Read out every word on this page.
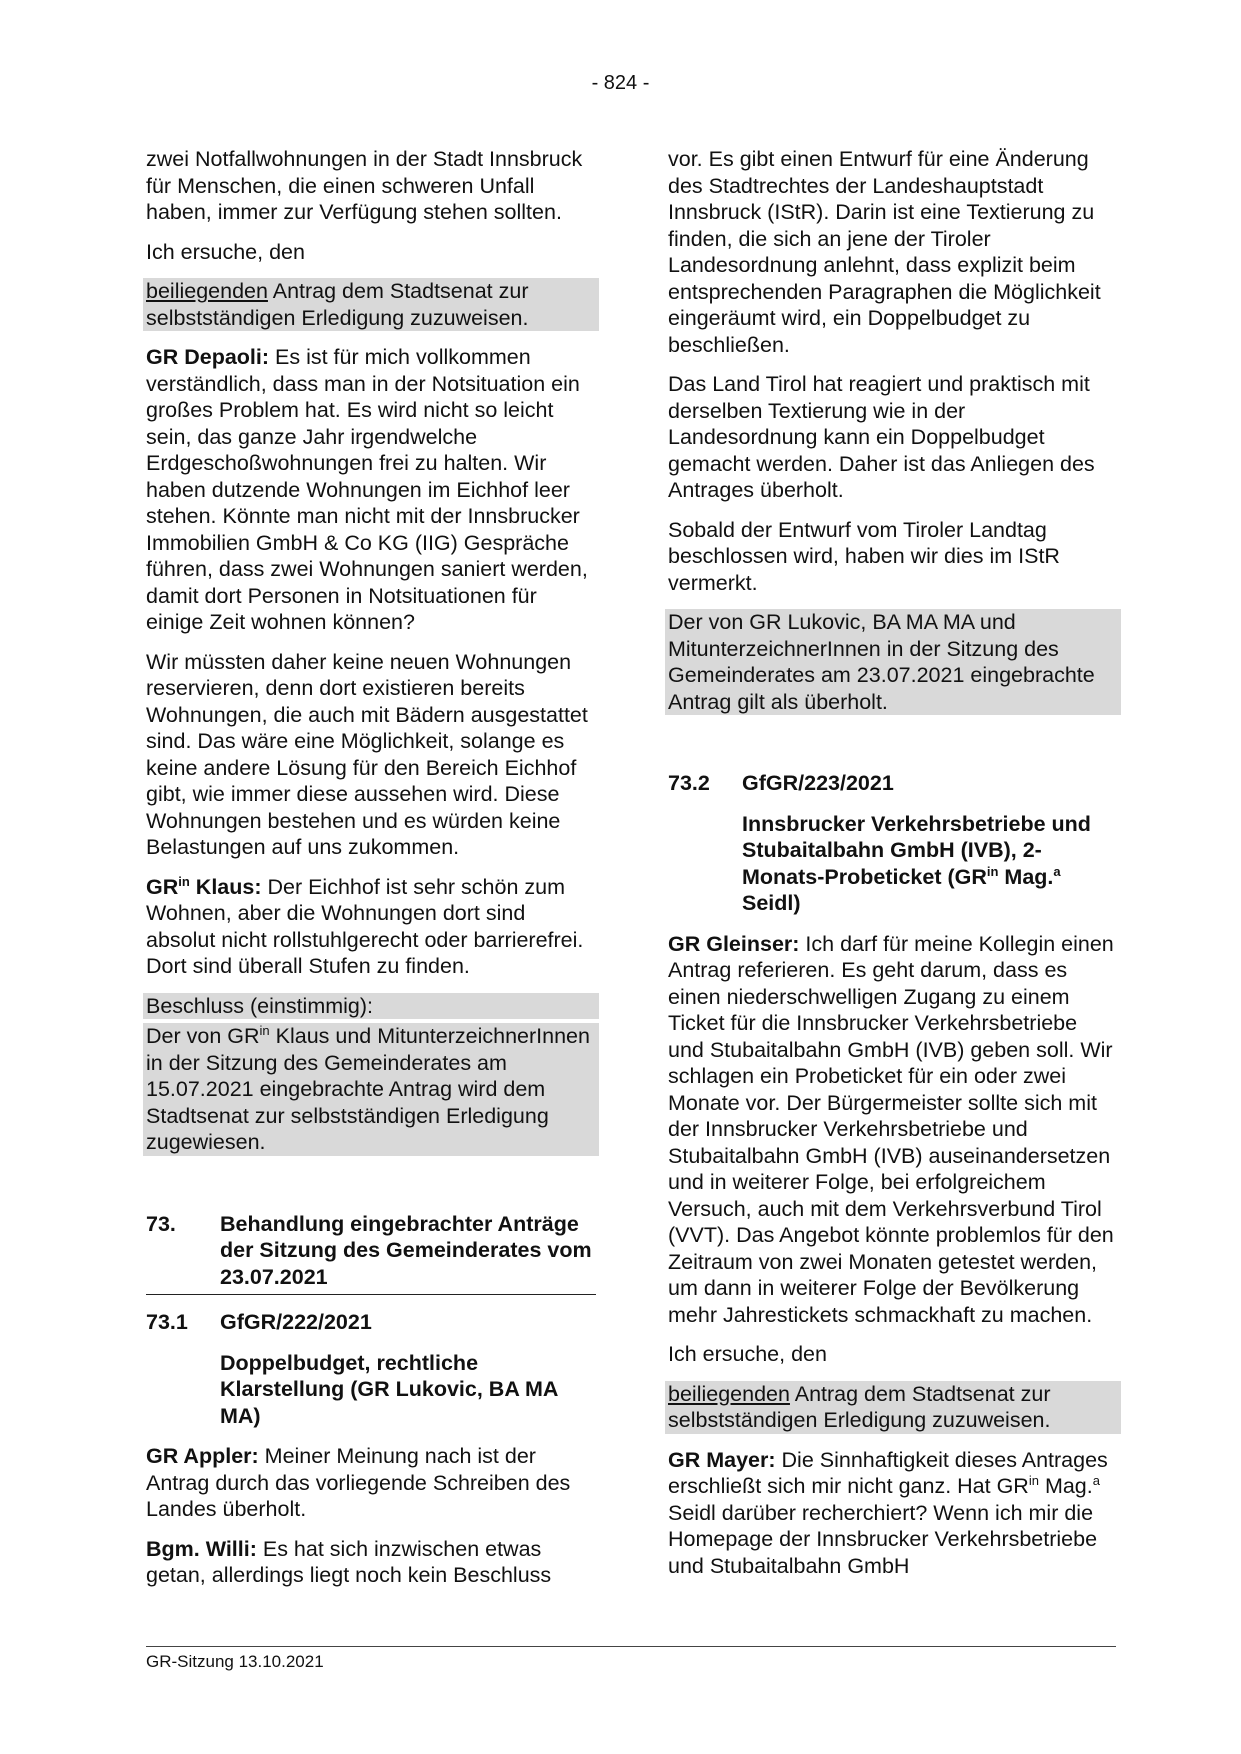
- 824 -

zwei Notfallwohnungen in der Stadt Innsbruck für Menschen, die einen schweren Unfall haben, immer zur Verfügung stehen sollten.

Ich ersuche, den

beiliegenden Antrag dem Stadtsenat zur selbstständigen Erledigung zuzuweisen.

GR Depaoli: Es ist für mich vollkommen verständlich, dass man in der Notsituation ein großes Problem hat. Es wird nicht so leicht sein, das ganze Jahr irgendwelche Erdgeschoßwohnungen frei zu halten. Wir haben dutzende Wohnungen im Eichhof leer stehen. Könnte man nicht mit der Innsbrucker Immobilien GmbH & Co KG (IIG) Gespräche führen, dass zwei Wohnungen saniert werden, damit dort Personen in Notsituationen für einige Zeit wohnen können?

Wir müssten daher keine neuen Wohnungen reservieren, denn dort existieren bereits Wohnungen, die auch mit Bädern ausgestattet sind. Das wäre eine Möglichkeit, solange es keine andere Lösung für den Bereich Eichhof gibt, wie immer diese aussehen wird. Diese Wohnungen bestehen und es würden keine Belastungen auf uns zukommen.

$GR^{in}$ Klaus: Der Eichhof ist sehr schön zum Wohnen, aber die Wohnungen dort sind absolut nicht rollstuhlgerecht oder barrierefrei. Dort sind überall Stufen zu finden.

Beschluss (einstimmig):

Der von $GR^{in}$ Klaus und MitunterzeichnerInnen in der Sitzung des Gemeinderates am 15.07.2021 eingebrachte Antrag wird dem Stadtsenat zur selbstständigen Erledigung zugewiesen.

73. Behandlung eingebrachter Anträge der Sitzung des Gemeinderates vom 23.07.2021
73.1 GfGR/222/2021
Doppelbudget, rechtliche Klarstellung (GR Lukovic, BA MA MA)

GR Appler: Meiner Meinung nach ist der Antrag durch das vorliegende Schreiben des Landes überholt.

Bgm. Willi: Es hat sich inzwischen etwas getan, allerdings liegt noch kein Beschluss

vor. Es gibt einen Entwurf für eine Änderung des Stadtrechtes der Landeshauptstadt Innsbruck (IStR). Darin ist eine Textierung zu finden, die sich an jene der Tiroler Landesordnung anlehnt, dass explizit beim entsprechenden Paragraphen die Möglichkeit eingeräumt wird, ein Doppelbudget zu beschließen.

Das Land Tirol hat reagiert und praktisch mit derselben Textierung wie in der Landesordnung kann ein Doppelbudget gemacht werden. Daher ist das Anliegen des Antrages überholt.

Sobald der Entwurf vom Tiroler Landtag beschlossen wird, haben wir dies im IStR vermerkt.

Der von GR Lukovic, BA MA MA und MitunterzeichnerInnen in der Sitzung des Gemeinderates am 23.07.2021 eingebrachte Antrag gilt als überholt.

73.2 GfGR/223/2021
Innsbrucker Verkehrsbetriebe und Stubaitalbahn GmbH (IVB), 2-Monats-Probeticket ($GR^{in}$ Mag.$^a$ Seidl)

GR Gleinser: Ich darf für meine Kollegin einen Antrag referieren. Es geht darum, dass es einen niederschwelligen Zugang zu einem Ticket für die Innsbrucker Verkehrsbetriebe und Stubaitalbahn GmbH (IVB) geben soll. Wir schlagen ein Probeticket für ein oder zwei Monate vor. Der Bürgermeister sollte sich mit der Innsbrucker Verkehrsbetriebe und Stubaitalbahn GmbH (IVB) auseinandersetzen und in weiterer Folge, bei erfolgreichem Versuch, auch mit dem Verkehrsverbund Tirol (VVT). Das Angebot könnte problemlos für den Zeitraum von zwei Monaten getestet werden, um dann in weiterer Folge der Bevölkerung mehr Jahrestickets schmackhaft zu machen.

Ich ersuche, den

beiliegenden Antrag dem Stadtsenat zur selbstständigen Erledigung zuzuweisen.

GR Mayer: Die Sinnhaftigkeit dieses Antrages erschließt sich mir nicht ganz. Hat $GR^{in}$ Mag.$^a$ Seidl darüber recherchiert? Wenn ich mir die Homepage der Innsbrucker Verkehrsbetriebe und Stubaitalbahn GmbH

GR-Sitzung 13.10.2021
